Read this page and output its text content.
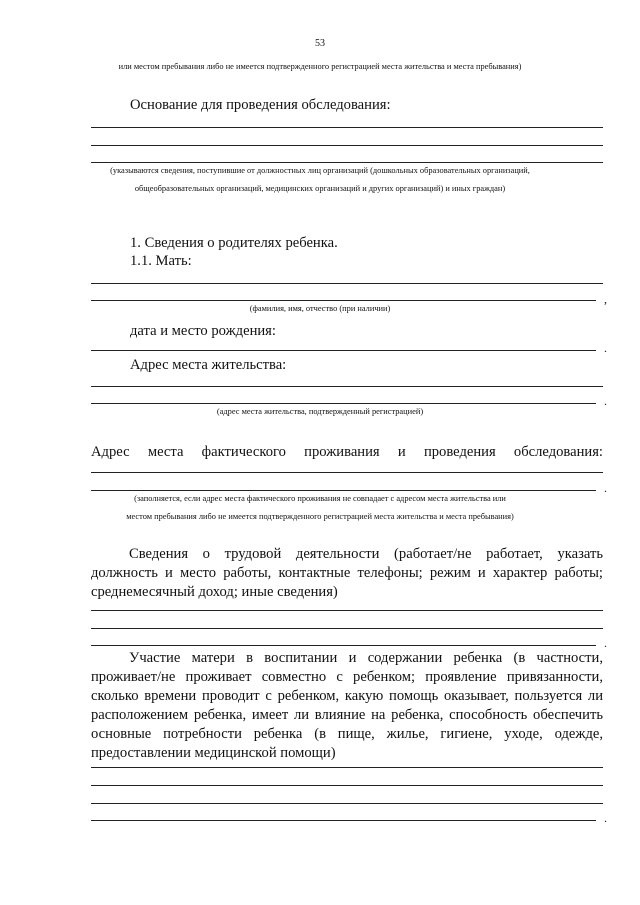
53
или местом пребывания либо не имеется подтвержденного регистрацией места жительства и места пребывания)
Основание для проведения обследования:
(указываются сведения, поступившие от должностных лиц организаций (дошкольных образовательных организаций,
общеобразовательных организаций, медицинских организаций и других организаций) и иных граждан)
1. Сведения о родителях ребенка.
1.1. Мать:
,
(фамилия, имя, отчество (при наличии)
дата и место рождения:
.
Адрес места жительства:
.
(адрес места жительства, подтвержденный регистрацией)
Адрес места фактического проживания и проведения обследования:
.
(заполняется, если адрес места фактического проживания не совпадает с адресом места жительства или
местом пребывания либо не имеется подтвержденного регистрацией места жительства и места пребывания)
Сведения о трудовой деятельности (работает/не работает, указать должность и место работы, контактные телефоны; режим и характер работы; среднемесячный доход; иные сведения)
.
Участие матери в воспитании и содержании ребенка (в частности, проживает/не проживает совместно с ребенком; проявление привязанности, сколько времени проводит с ребенком, какую помощь оказывает, пользуется ли расположением ребенка, имеет ли влияние на ребенка, способность обеспечить основные потребности ребенка (в пище, жилье, гигиене, уходе, одежде, предоставлении медицинской помощи)
.
